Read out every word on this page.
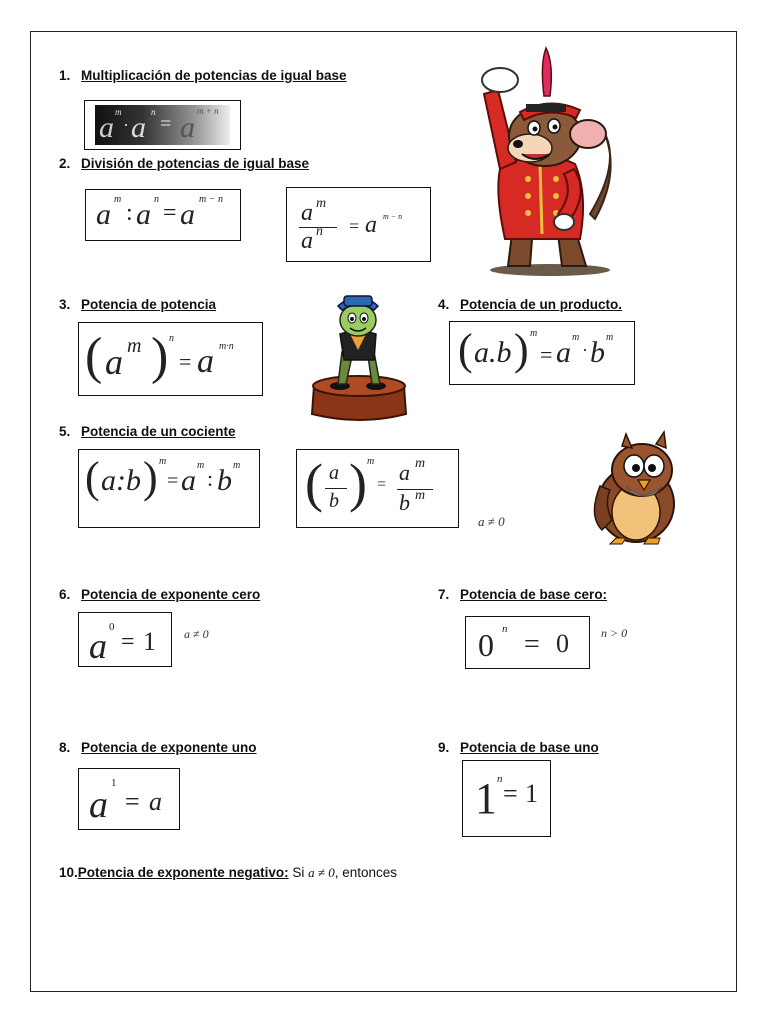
1. Multiplicación de potencias de igual base
a m
· a n
= a m + n
2. División de potencias de igual base
a m
: a n
= a m − n
a m
a n = a m − n
3. Potencia de potencia
( a m ) n
= a m·n
4. Potencia de un producto.
( a.b ) m
= a m
· b m
5. Potencia de un cociente
( a:b ) m
= a m
: b m ( a
b ) m
= a m
b m
a ≠ 0
6. Potencia de exponente cero
a 0
= 1 a ≠ 0
7. Potencia de base cero:
0 n = 0	n > 0
8. Potencia de exponente uno
a
1
= a
9. Potencia de base uno
1 n = 1
10.Potencia de exponente negativo: Si a ≠ 0, entonces
